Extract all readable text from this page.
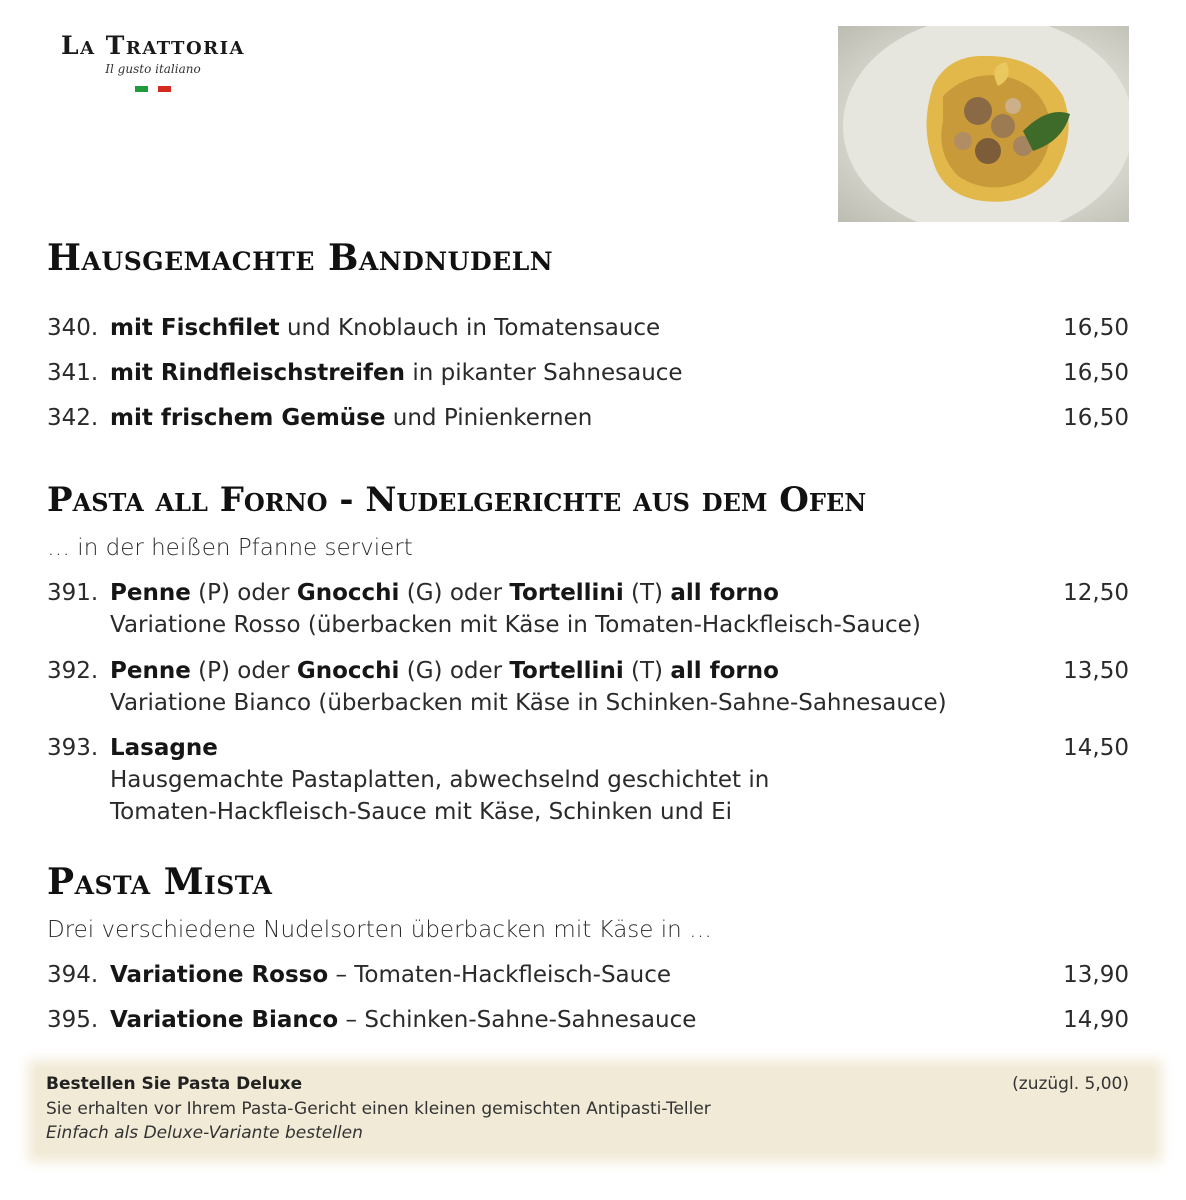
La Trattoria
Il gusto italiano
Hausgemachte Bandnudeln
340. mit Fischfilet und Knoblauch in Tomatensauce	16,50
341. mit Rindfleischstreifen in pikanter Sahnesauce	16,50
342. mit frischem Gemüse und Pinienkernen	16,50
Pasta all Forno - Nudelgerichte aus dem Ofen
… in der heißen Pfanne serviert
391. Penne (P) oder Gnocchi (G) oder Tortellini (T) all forno
Variatione Rosso (überbacken mit Käse in Tomaten-Hackfleisch-Sauce)
12,50
392. Penne (P) oder Gnocchi (G) oder Tortellini (T) all forno
Variatione Bianco (überbacken mit Käse in Schinken-Sahne-Sahnesauce)
13,50
393. Lasagne
Hausgemachte Pastaplatten, abwechselnd geschichtet in
Tomaten-Hackfleisch-Sauce mit Käse, Schinken und Ei
14,50
Pasta Mista
Drei verschiedene Nudelsorten überbacken mit Käse in …
394. Variatione Rosso – Tomaten-Hackfleisch-Sauce	13,90
395. Variatione Bianco – Schinken-Sahne-Sahnesauce	14,90
Bestellen Sie Pasta Deluxe	(zuzügl. 5,00)
Sie erhalten vor Ihrem Pasta-Gericht einen kleinen gemischten Antipasti-Teller
Einfach als Deluxe-Variante bestellen
